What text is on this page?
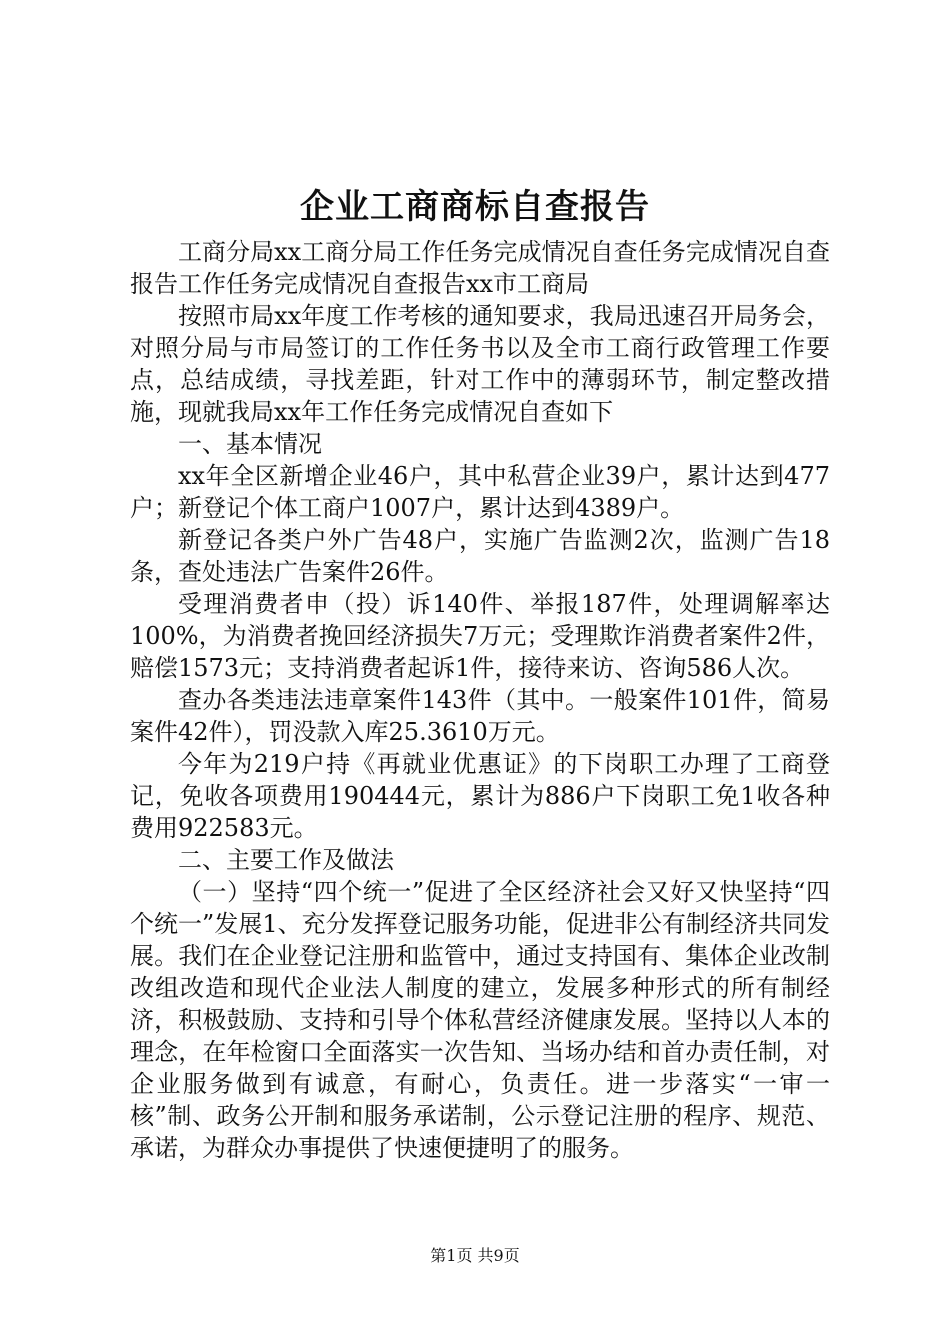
企业工商商标自查报告

工商分局xx工商分局工作任务完成情况自查任务完成情况自查报告工作任务完成情况自查报告xx市工商局

按照市局xx年度工作考核的通知要求，我局迅速召开局务会，对照分局与市局签订的工作任务书以及全市工商行政管理工作要点，总结成绩，寻找差距，针对工作中的薄弱环节，制定整改措施，现就我局xx年工作任务完成情况自查如下

一、基本情况

xx年全区新增企业46户，其中私营企业39户，累计达到477户；新登记个体工商户1007户，累计达到4389户。

新登记各类户外广告48户，实施广告监测2次，监测广告18条，查处违法广告案件26件。

受理消费者申（投）诉140件、举报187件，处理调解率达100%，为消费者挽回经济损失7万元；受理欺诈消费者案件2件，赔偿1573元；支持消费者起诉1件，接待来访、咨询586人次。

查办各类违法违章案件143件（其中。一般案件101件，简易案件42件），罚没款入库25.3610万元。

今年为219户持《再就业优惠证》的下岗职工办理了工商登记，免收各项费用190444元，累计为886户下岗职工免1收各种费用922583元。

二、主要工作及做法

（一）坚持“四个统一”促进了全区经济社会又好又快坚持“四个统一”发展1、充分发挥登记服务功能，促进非公有制经济共同发展。我们在企业登记注册和监管中，通过支持国有、集体企业改制改组改造和现代企业法人制度的建立，发展多种形式的所有制经济，积极鼓励、支持和引导个体私营经济健康发展。坚持以人本的理念，在年检窗口全面落实一次告知、当场办结和首办责任制，对企业服务做到有诚意，有耐心，负责任。进一步落实“一审一核”制、政务公开制和服务承诺制，公示登记注册的程序、规范、承诺，为群众办事提供了快速便捷明了的服务。

第1页 共9页
